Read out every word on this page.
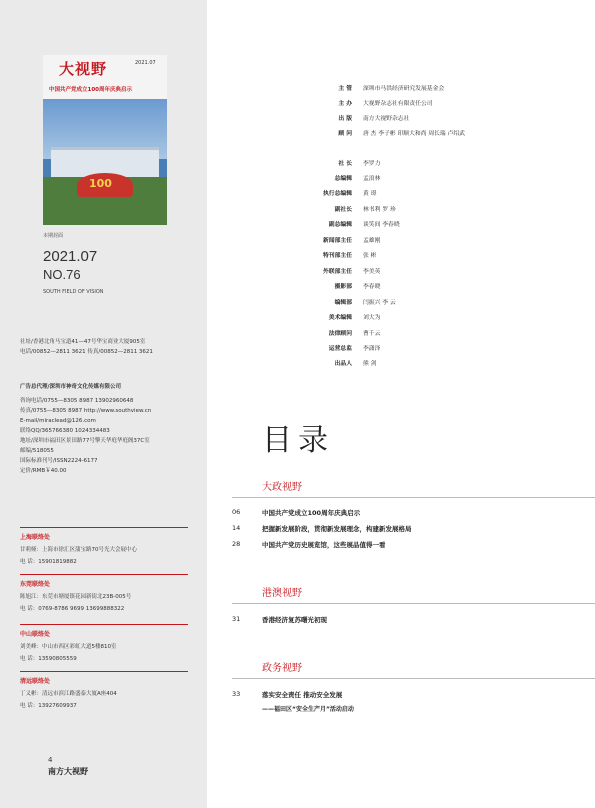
大视野	2021.07
中国共产党成立100周年庆典启示
100
本期封面
2021.07
NO.76
SOUTH FIELD OF VISION
社址/香港北角马宝道41—47号华宝商业大厦905室
电话/00852—2811 3621 传真/00852—2811 3621
广告总代理/深圳市神奇文化传媒有限公司
咨询电话/0755—8305 8987 13902960648
传真/0755—8305 8987 http://www.southview.cn
E-mail/miraclead@126.com
联络QQ/365766380 1024334483
地址/深圳市福田区景田路77号擎天华庭华庭阁37C室
邮编/518055
国际标准刊号/ISSN2224-6177
定价/RMB￥40.00
上海联络处
甘莉娅：上海市徐汇区蒲宝路70号光大会展中心
电 话：15901819882
东莞联络处
陈旭江：东莞市塘厦镇花园新街北23B-005号
电 话：0769-8786 9699 13699888322
中山联络处
刘美峰：中山市西区彩虹大道5楼810室
电 话：13590805559
清远联络处
丁义彬：清远市滨江路盛泰大厦A座404
电 话：13927609937
4
南方大视野
主 管 深圳市马洪经济研究发展基金会
主 办 大视野杂志社有限责任公司
出 版 南方大视野杂志社
顾 问 唐 杰 李子彬 印顺大和尚 周长瑞 卢绍武
社 长 李罗力
总编辑 孟浪林
执行总编辑 黄 璟
副社长 林书利 罗 珍
副总编辑 谈笑间 李春晓
新闻部主任 孟雄刚
特刊部主任 张 彬
外联部主任 李美英
摄影部 李春晓
编辑部 闫振兴 李 云
美术编辑 刘大为
法律顾问 曹千云
运营总监 李潇泽
出品人 熊 剑
目录
大政视野
06	中国共产党成立100周年庆典启示
14	把握新发展阶段，贯彻新发展理念，构建新发展格局
28	中国共产党历史展览馆，这些展品值得一看
港澳视野
31	香港经济复苏曙光初现
政务视野
33	落实安全责任 推动安全发展
——福田区“安全生产月”活动启动
